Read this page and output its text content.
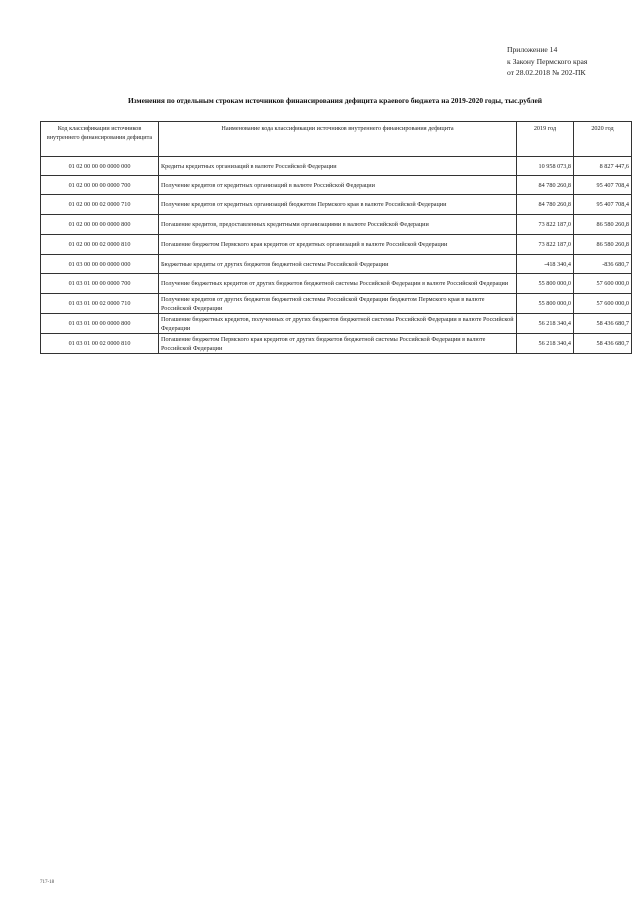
Приложение 14
к Закону Пермского края
от 28.02.2018 № 202-ПК
Изменения по отдельным строкам источников финансирования дефицита краевого бюджета на 2019-2020 годы, тыс.рублей
Код классификации источников внутреннего финансирования дефицита	Наименование кода классификации источников внутреннего финансирования дефицита	2019 год	2020 год
01 02 00 00 00 0000 000	Кредиты кредитных организаций в валюте Российской Федерации	10 958 073,8	8 827 447,6
01 02 00 00 00 0000 700	Получение кредитов от кредитных организаций в валюте Российской Федерации	84 780 260,8	95 407 708,4
01 02 00 00 02 0000 710	Получение кредитов от кредитных организаций бюджетом Пермского края в валюте Российской Федерации	84 780 260,8	95 407 708,4
01 02 00 00 00 0000 800	Погашение кредитов, предоставленных кредитными организациями в валюте Российской Федерации	73 822 187,0	86 580 260,8
01 02 00 00 02 0000 810	Погашение бюджетом Пермского края кредитов от кредитных организаций в валюте Российской Федерации	73 822 187,0	86 580 260,8
01 03 00 00 00 0000 000	Бюджетные кредиты от других бюджетов бюджетной системы Российской Федерации	-418 340,4	-836 680,7
01 03 01 00 00 0000 700	Получение бюджетных кредитов от других бюджетов бюджетной системы Российской Федерации в валюте Российской Федерации	55 800 000,0	57 600 000,0
01 03 01 00 02 0000 710	Получение кредитов от других бюджетов бюджетной системы Российской Федерации бюджетом Пермского края в валюте Российской Федерации	55 800 000,0	57 600 000,0
01 03 01 00 00 0000 800	Погашение бюджетных кредитов, полученных от других бюджетов бюджетной системы Российской Федерации в валюте Российской Федерации	56 218 340,4	58 436 680,7
01 03 01 00 02 0000 810	Погашение бюджетом Пермского края кредитов от других бюджетов бюджетной системы Российской Федерации в валюте Российской Федерации	56 218 340,4	58 436 680,7
717-18
